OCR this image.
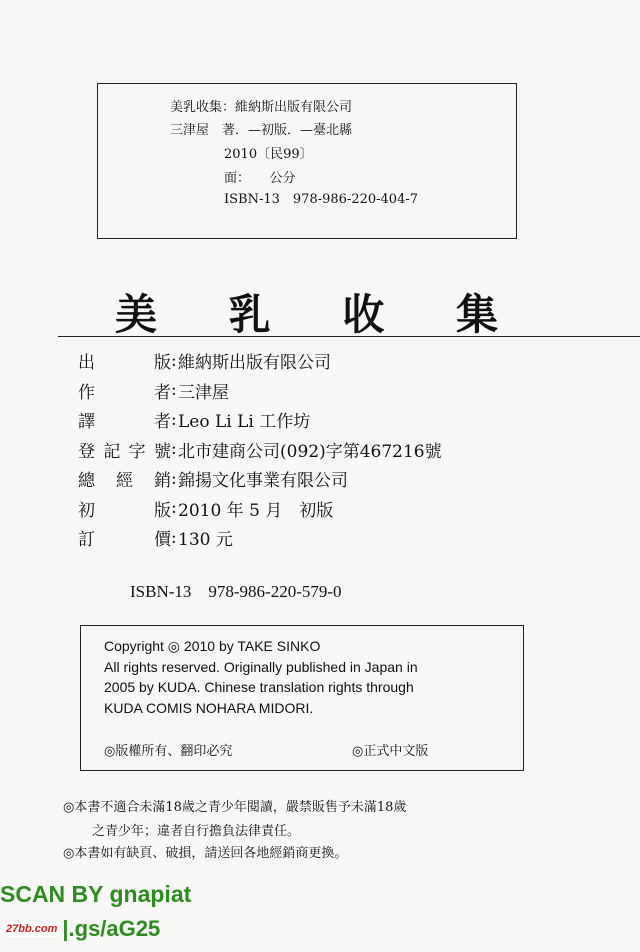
美乳收集：維納斯出版有限公司
三津屋　著．—初版．—臺北縣
2010〔民99〕
面：　　公分
ISBN-13　978-986-220-404-7
美 乳 收 集
出	版 : 維納斯出版有限公司
作	者 : 三津屋
譯	者 : Leo Li Li 工作坊
登 記 字 號 : 北市建商公司(092)字第467216號
總 經 銷 : 錦揚文化事業有限公司
初	版 : 2010 年 5 月　初版
訂	價 : 130 元
ISBN-13　978-986-220-579-0
Copyright ◎ 2010 by TAKE SINKO
All rights reserved. Originally published in Japan in
2005 by KUDA. Chinese translation rights through
KUDA COMIS NOHARA MIDORI.
◎版權所有、翻印必究	◎正式中文版
◎本書不適合未滿18歲之青少年閱讀，嚴禁販售予未滿18歲
之青少年；違者自行擔負法律責任。
◎本書如有缺頁、破損，請送回各地經銷商更換。
SCAN BY gnapiat
27bb.com |.gs/aG25
